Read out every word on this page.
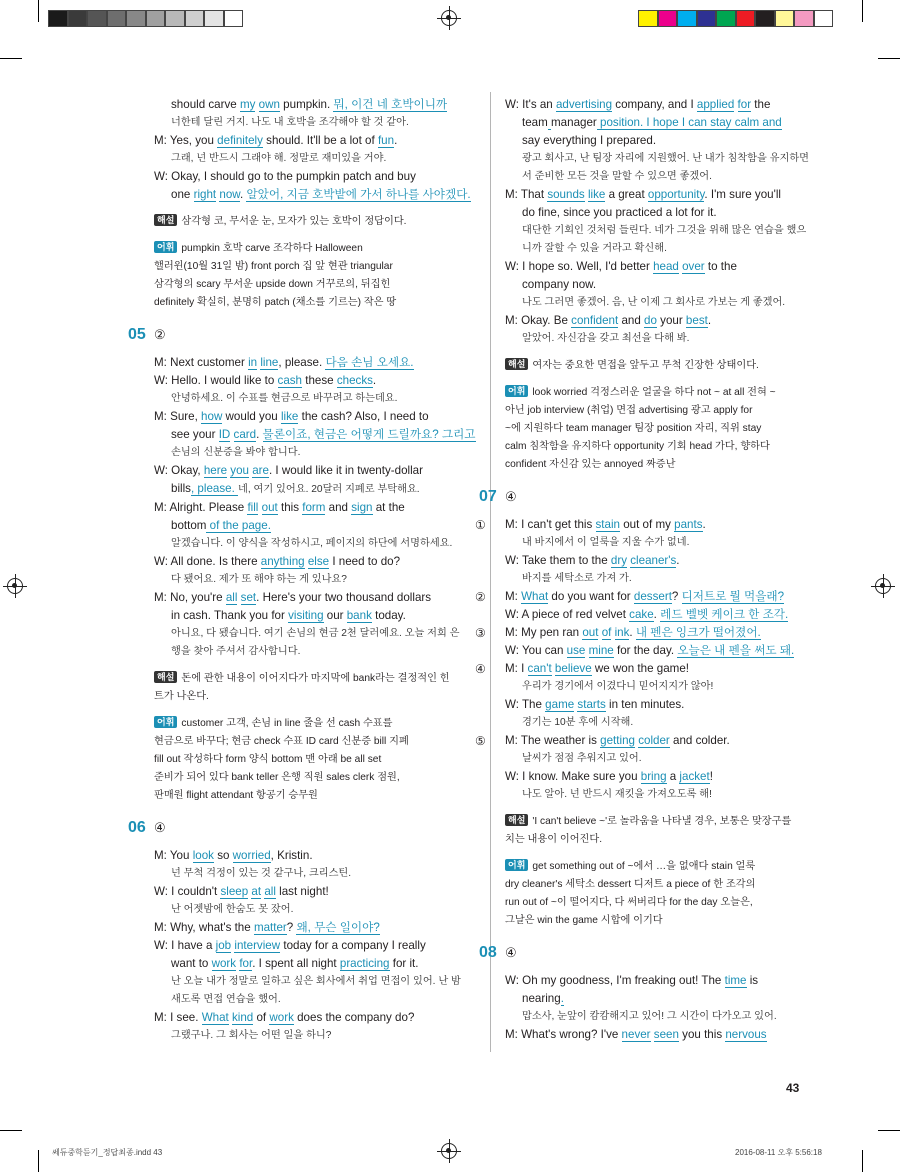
should carve my own pumpkin. 뭐, 이건 네 호박이니까

너한테 달린 거지. 나도 내 호박을 조각해야 할 것 같아.

M: Yes, you definitely should. It'll be a lot of fun.

그래, 넌 반드시 그래야 해. 정말로 재미있을 거야.

W: Okay, I should go to the pumpkin patch and buy

one right now. 알았어, 지금 호박밭에 가서 하나를 사야겠다.

해설 삼각형 코, 무서운 눈, 모자가 있는 호박이 정답이다.

어휘 pumpkin 호박 carve 조각하다 Halloween

핼러윈(10월 31일 밤) front porch 집 앞 현관 triangular

삼각형의 scary 무서운 upside down 거꾸로의, 뒤집힌

definitely 확실히, 분명히 patch (채소를 기르는) 작은 땅

05 ②

M: Next customer in line, please. 다음 손님 오세요.

W: Hello. I would like to cash these checks.

안녕하세요. 이 수표를 현금으로 바꾸려고 하는데요.

M: Sure, how would you like the cash? Also, I need to

see your ID card. 물론이죠, 현금은 어떻게 드릴까요? 그리고

손님의 신분증을 봐야 합니다.

W: Okay, here you are. I would like it in twenty-dollar

bills, please. 네, 여기 있어요. 20달러 지폐로 부탁해요.

M: Alright. Please fill out this form and sign at the

bottom of the page.

알겠습니다. 이 양식을 작성하시고, 페이지의 하단에 서명하세요.

W: All done. Is there anything else I need to do?

다 됐어요. 제가 또 해야 하는 게 있나요?

M: No, you're all set. Here's your two thousand dollars

in cash. Thank you for visiting our bank today.

아니요, 다 됐습니다. 여기 손님의 현금 2천 달러예요. 오늘 저희 은

행을 찾아 주셔서 감사합니다.

해설 돈에 관한 내용이 이어지다가 마지막에 bank라는 결정적인 힌

트가 나온다.

어휘 customer 고객, 손님 in line 줄을 선 cash 수표를

현금으로 바꾸다; 현금 check 수표 ID card 신분증 bill 지폐

fill out 작성하다 form 양식 bottom 맨 아래 be all set

준비가 되어 있다 bank teller 은행 직원 sales clerk 점원,

판매원 flight attendant 항공기 승무원

06 ④

M: You look so worried, Kristin.

넌 무척 걱정이 있는 것 같구나, 크리스틴.

W: I couldn't sleep at all last night!

난 어젯밤에 한숨도 못 잤어.

M: Why, what's the matter? 왜, 무슨 일이야?

W: I have a job interview today for a company I really

want to work for. I spent all night practicing for it.

난 오늘 내가 정말로 일하고 싶은 회사에서 취업 면접이 있어. 난 밤

새도록 면접 연습을 했어.

M: I see. What kind of work does the company do?

그랬구나. 그 회사는 어떤 일을 하니?

W: It's an advertising company, and I applied for the

team manager position. I hope I can stay calm and

say everything I prepared.

광고 회사고, 난 팀장 자리에 지원했어. 난 내가 침착함을 유지하면

서 준비한 모든 것을 말할 수 있으면 좋겠어.

M: That sounds like a great opportunity. I'm sure you'll

do fine, since you practiced a lot for it.

대단한 기회인 것처럼 들린다. 네가 그것을 위해 많은 연습을 했으

니까 잘할 수 있을 거라고 확신해.

W: I hope so. Well, I'd better head over to the

company now.

나도 그러면 좋겠어. 음, 난 이제 그 회사로 가보는 게 좋겠어.

M: Okay. Be confident and do your best.

알았어. 자신감을 갖고 최선을 다해 봐.

해설 여자는 중요한 면접을 앞두고 무척 긴장한 상태이다.

어휘 look worried 걱정스러운 얼굴을 하다 not ~ at all 전혀 ~

아닌 job interview (취업) 면접 advertising 광고 apply for

~에 지원하다 team manager 팀장 position 자리, 직위 stay

calm 침착함을 유지하다 opportunity 기회 head 가다, 향하다

confident 자신감 있는 annoyed 짜증난

07 ④

① M: I can't get this stain out of my pants.

내 바지에서 이 얼룩을 지울 수가 없네.

W: Take them to the dry cleaner's.

바지를 세탁소로 가져 가.

② M: What do you want for dessert? 디저트로 뭘 먹을래?

W: A piece of red velvet cake. 레드 벨벳 케이크 한 조각.

③ M: My pen ran out of ink. 내 펜은 잉크가 떨어졌어.

W: You can use mine for the day. 오늘은 내 펜을 써도 돼.

④ M: I can't believe we won the game!

우리가 경기에서 이겼다니 믿어지지가 않아!

W: The game starts in ten minutes.

경기는 10분 후에 시작해.

⑤ M: The weather is getting colder and colder.

날씨가 점점 추워지고 있어.

W: I know. Make sure you bring a jacket!

나도 알아. 넌 반드시 재킷을 가져오도록 해!

해설 'I can't believe ~'로 놀라움을 나타낼 경우, 보통은 맞장구를

치는 내용이 이어진다.

어휘 get something out of ~에서 …을 없애다 stain 얼룩

dry cleaner's 세탁소 dessert 디저트 a piece of 한 조각의

run out of ~이 떨어지다, 다 써버리다 for the day 오늘은,

그날은 win the game 시합에 이기다

08 ④

W: Oh my goodness, I'm freaking out! The time is

nearing.

맙소사, 눈앞이 캄캄해지고 있어! 그 시간이 다가오고 있어.

M: What's wrong? I've never seen you this nervous

43
쎄듀중학듣기_정답최종.indd 43	2016-08-11 오후 5:56:18
